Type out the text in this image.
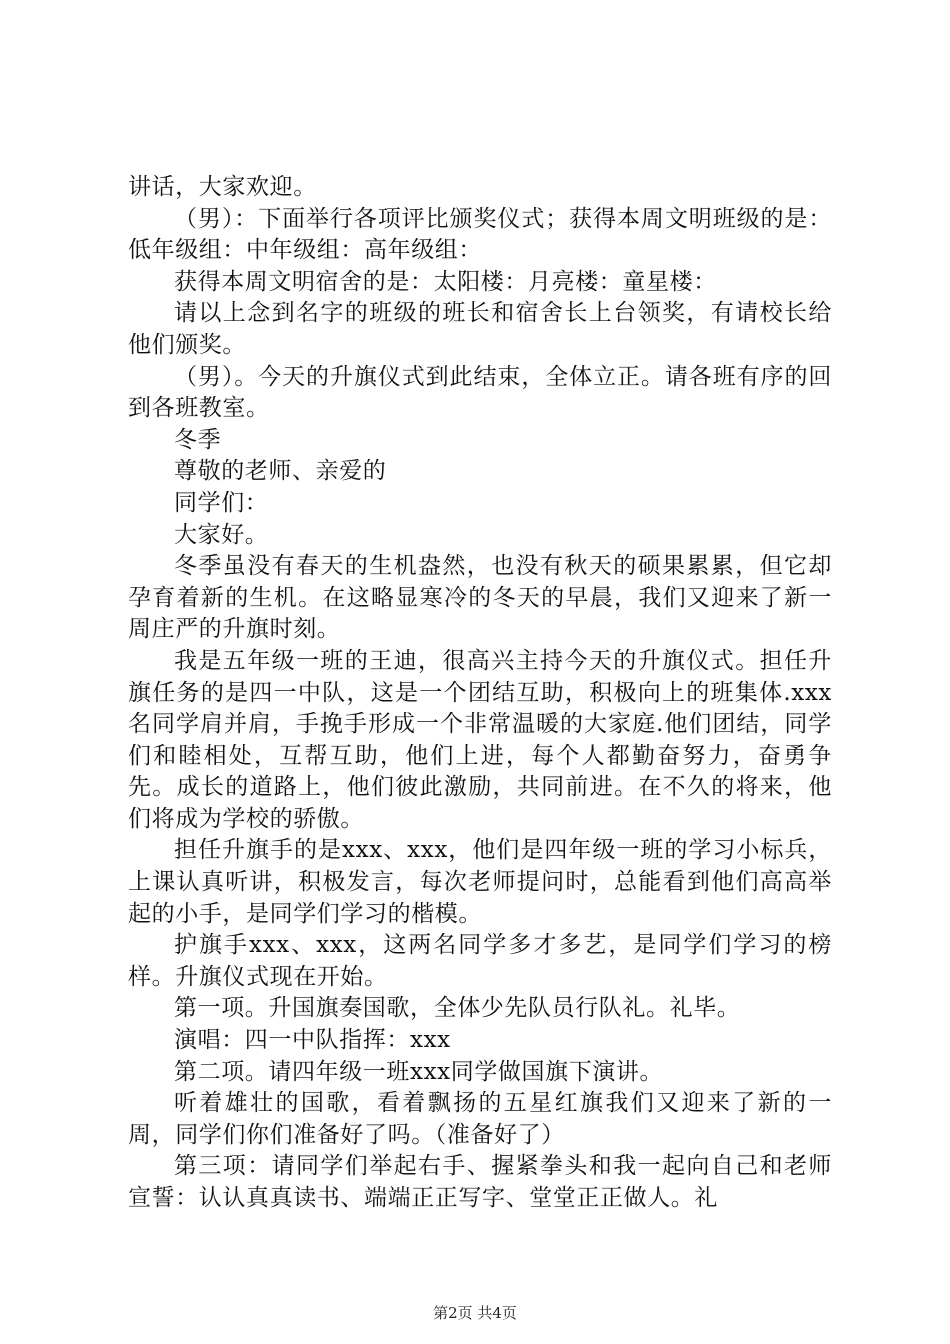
讲话，大家欢迎。

（男）：下面举行各项评比颁奖仪式；获得本周文明班级的是：低年级组：中年级组：高年级组：

获得本周文明宿舍的是：太阳楼：月亮楼：童星楼：

请以上念到名字的班级的班长和宿舍长上台领奖，有请校长给他们颁奖。

（男）。今天的升旗仪式到此结束，全体立正。请各班有序的回到各班教室。

冬季

尊敬的老师、亲爱的

同学们：

大家好。

冬季虽没有春天的生机盎然，也没有秋天的硕果累累，但它却孕育着新的生机。在这略显寒冷的冬天的早晨，我们又迎来了新一周庄严的升旗时刻。

我是五年级一班的王迪，很高兴主持今天的升旗仪式。担任升旗任务的是四一中队，这是一个团结互助，积极向上的班集体.xxx名同学肩并肩，手挽手形成一个非常温暖的大家庭.他们团结，同学们和睦相处，互帮互助，他们上进，每个人都勤奋努力，奋勇争先。成长的道路上，他们彼此激励，共同前进。在不久的将来，他们将成为学校的骄傲。

担任升旗手的是xxx、xxx，他们是四年级一班的学习小标兵，上课认真听讲，积极发言，每次老师提问时，总能看到他们高高举起的小手，是同学们学习的楷模。

护旗手xxx、xxx，这两名同学多才多艺，是同学们学习的榜样。升旗仪式现在开始。

第一项。升国旗奏国歌，全体少先队员行队礼。礼毕。

演唱：四一中队指挥：xxx

第二项。请四年级一班xxx同学做国旗下演讲。

听着雄壮的国歌，看着飘扬的五星红旗我们又迎来了新的一周，同学们你们准备好了吗。（准备好了）

第三项：请同学们举起右手、握紧拳头和我一起向自己和老师宣誓：认认真真读书、端端正正写字、堂堂正正做人。礼

第2页 共4页
